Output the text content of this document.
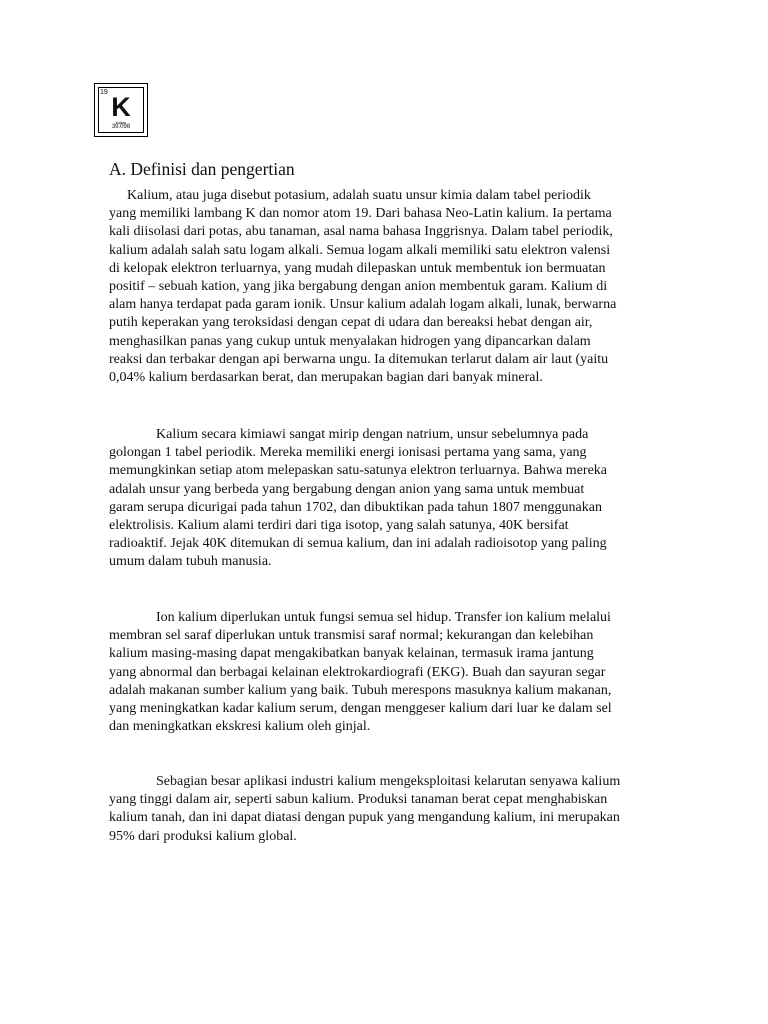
19 K
Kalium
39.098
A. Definisi dan pengertian

Kalium, atau juga disebut potasium, adalah suatu unsur kimia dalam tabel periodik
yang memiliki lambang K dan nomor atom 19. Dari bahasa Neo-Latin kalium. Ia pertama
kali diisolasi dari potas, abu tanaman, asal nama bahasa Inggrisnya. Dalam tabel periodik,
kalium adalah salah satu logam alkali. Semua logam alkali memiliki satu elektron valensi
di kelopak elektron terluarnya, yang mudah dilepaskan untuk membentuk ion bermuatan
positif – sebuah kation, yang jika bergabung dengan anion membentuk garam. Kalium di
alam hanya terdapat pada garam ionik. Unsur kalium adalah logam alkali, lunak, berwarna
putih keperakan yang teroksidasi dengan cepat di udara dan bereaksi hebat dengan air,
menghasilkan panas yang cukup untuk menyalakan hidrogen yang dipancarkan dalam
reaksi dan terbakar dengan api berwarna ungu. Ia ditemukan terlarut dalam air laut (yaitu
0,04% kalium berdasarkan berat, dan merupakan bagian dari banyak mineral.

Kalium secara kimiawi sangat mirip dengan natrium, unsur sebelumnya pada
golongan 1 tabel periodik. Mereka memiliki energi ionisasi pertama yang sama, yang
memungkinkan setiap atom melepaskan satu-satunya elektron terluarnya. Bahwa mereka
adalah unsur yang berbeda yang bergabung dengan anion yang sama untuk membuat
garam serupa dicurigai pada tahun 1702, dan dibuktikan pada tahun 1807 menggunakan
elektrolisis. Kalium alami terdiri dari tiga isotop, yang salah satunya, 40K bersifat
radioaktif. Jejak 40K ditemukan di semua kalium, dan ini adalah radioisotop yang paling
umum dalam tubuh manusia.

Ion kalium diperlukan untuk fungsi semua sel hidup. Transfer ion kalium melalui
membran sel saraf diperlukan untuk transmisi saraf normal; kekurangan dan kelebihan
kalium masing-masing dapat mengakibatkan banyak kelainan, termasuk irama jantung
yang abnormal dan berbagai kelainan elektrokardiografi (EKG). Buah dan sayuran segar
adalah makanan sumber kalium yang baik. Tubuh merespons masuknya kalium makanan,
yang meningkatkan kadar kalium serum, dengan menggeser kalium dari luar ke dalam sel
dan meningkatkan ekskresi kalium oleh ginjal.

Sebagian besar aplikasi industri kalium mengeksploitasi kelarutan senyawa kalium
yang tinggi dalam air, seperti sabun kalium. Produksi tanaman berat cepat menghabiskan
kalium tanah, dan ini dapat diatasi dengan pupuk yang mengandung kalium, ini merupakan
95% dari produksi kalium global.
